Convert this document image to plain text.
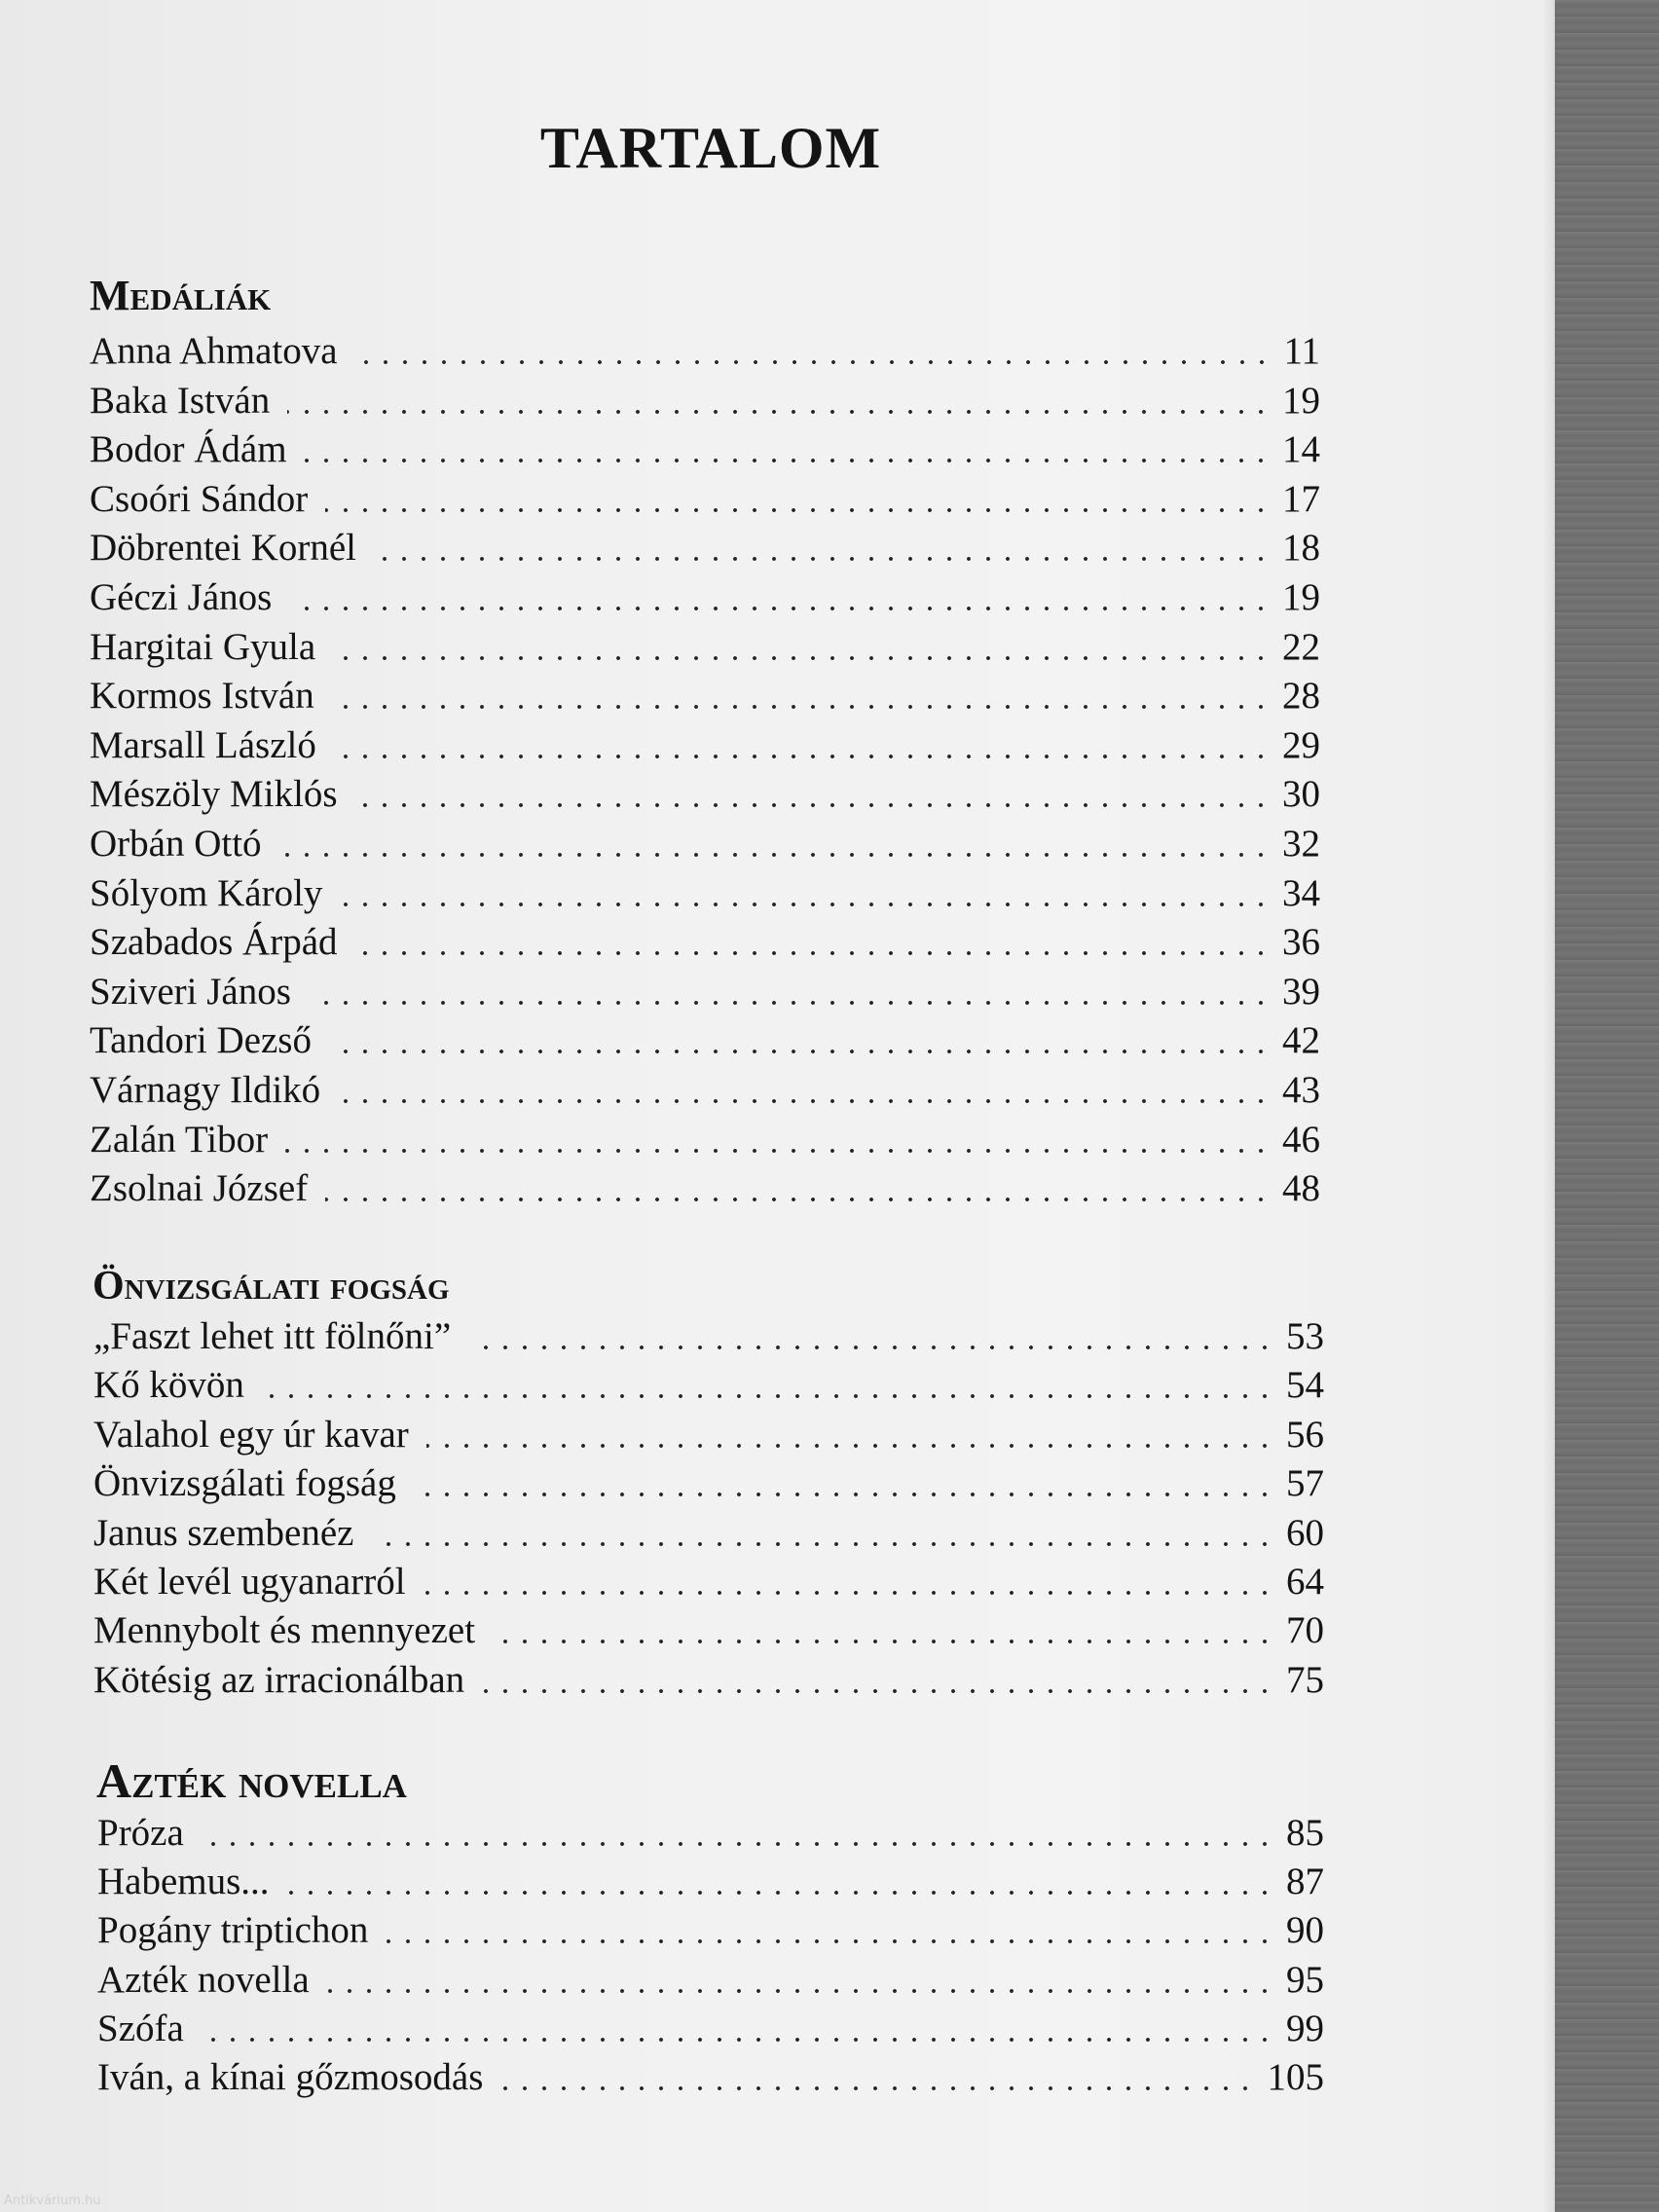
TARTALOM
Medáliák
Anna Ahmatova	11
Baka István	19
Bodor Ádám	14
Csoóri Sándor	17
Döbrentei Kornél	18
Géczi János	19
Hargitai Gyula	22
Kormos István	28
Marsall László	29
Mészöly Miklós	30
Orbán Ottó	32
Sólyom Károly	34
Szabados Árpád	36
Sziveri János	39
Tandori Dezső	42
Várnagy Ildikó	43
Zalán Tibor	46
Zsolnai József	48
Önvizsgálati fogság
„Faszt lehet itt fölnőni”	53
Kő kövön	54
Valahol egy úr kavar	56
Önvizsgálati fogság	57
Janus szembenéz	60
Két levél ugyanarról	64
Mennybolt és mennyezet	70
Kötésig az irracionálban	75
Azték novella
Próza	85
Habemus...	87
Pogány triptichon	90
Azték novella	95
Szófa	99
Iván, a kínai gőzmosodás	105
Antikvárium.hu
